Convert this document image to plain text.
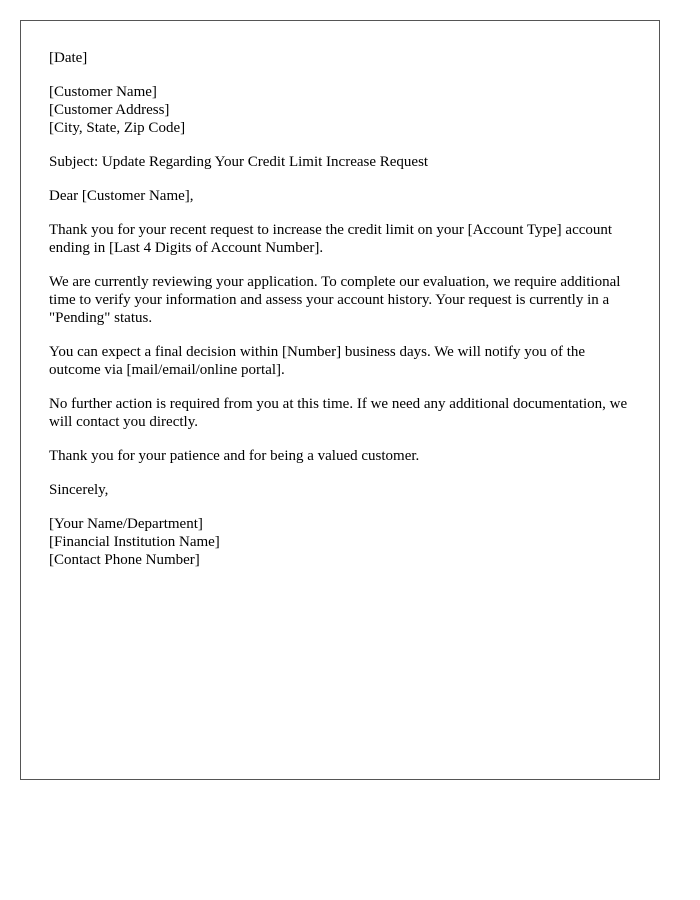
[Date]

[Customer Name]
[Customer Address]
[City, State, Zip Code]

Subject: Update Regarding Your Credit Limit Increase Request

Dear [Customer Name],

Thank you for your recent request to increase the credit limit on your [Account Type] account ending in [Last 4 Digits of Account Number].

We are currently reviewing your application. To complete our evaluation, we require additional time to verify your information and assess your account history. Your request is currently in a "Pending" status.

You can expect a final decision within [Number] business days. We will notify you of the outcome via [mail/email/online portal].

No further action is required from you at this time. If we need any additional documentation, we will contact you directly.

Thank you for your patience and for being a valued customer.

Sincerely,

[Your Name/Department]
[Financial Institution Name]
[Contact Phone Number]
